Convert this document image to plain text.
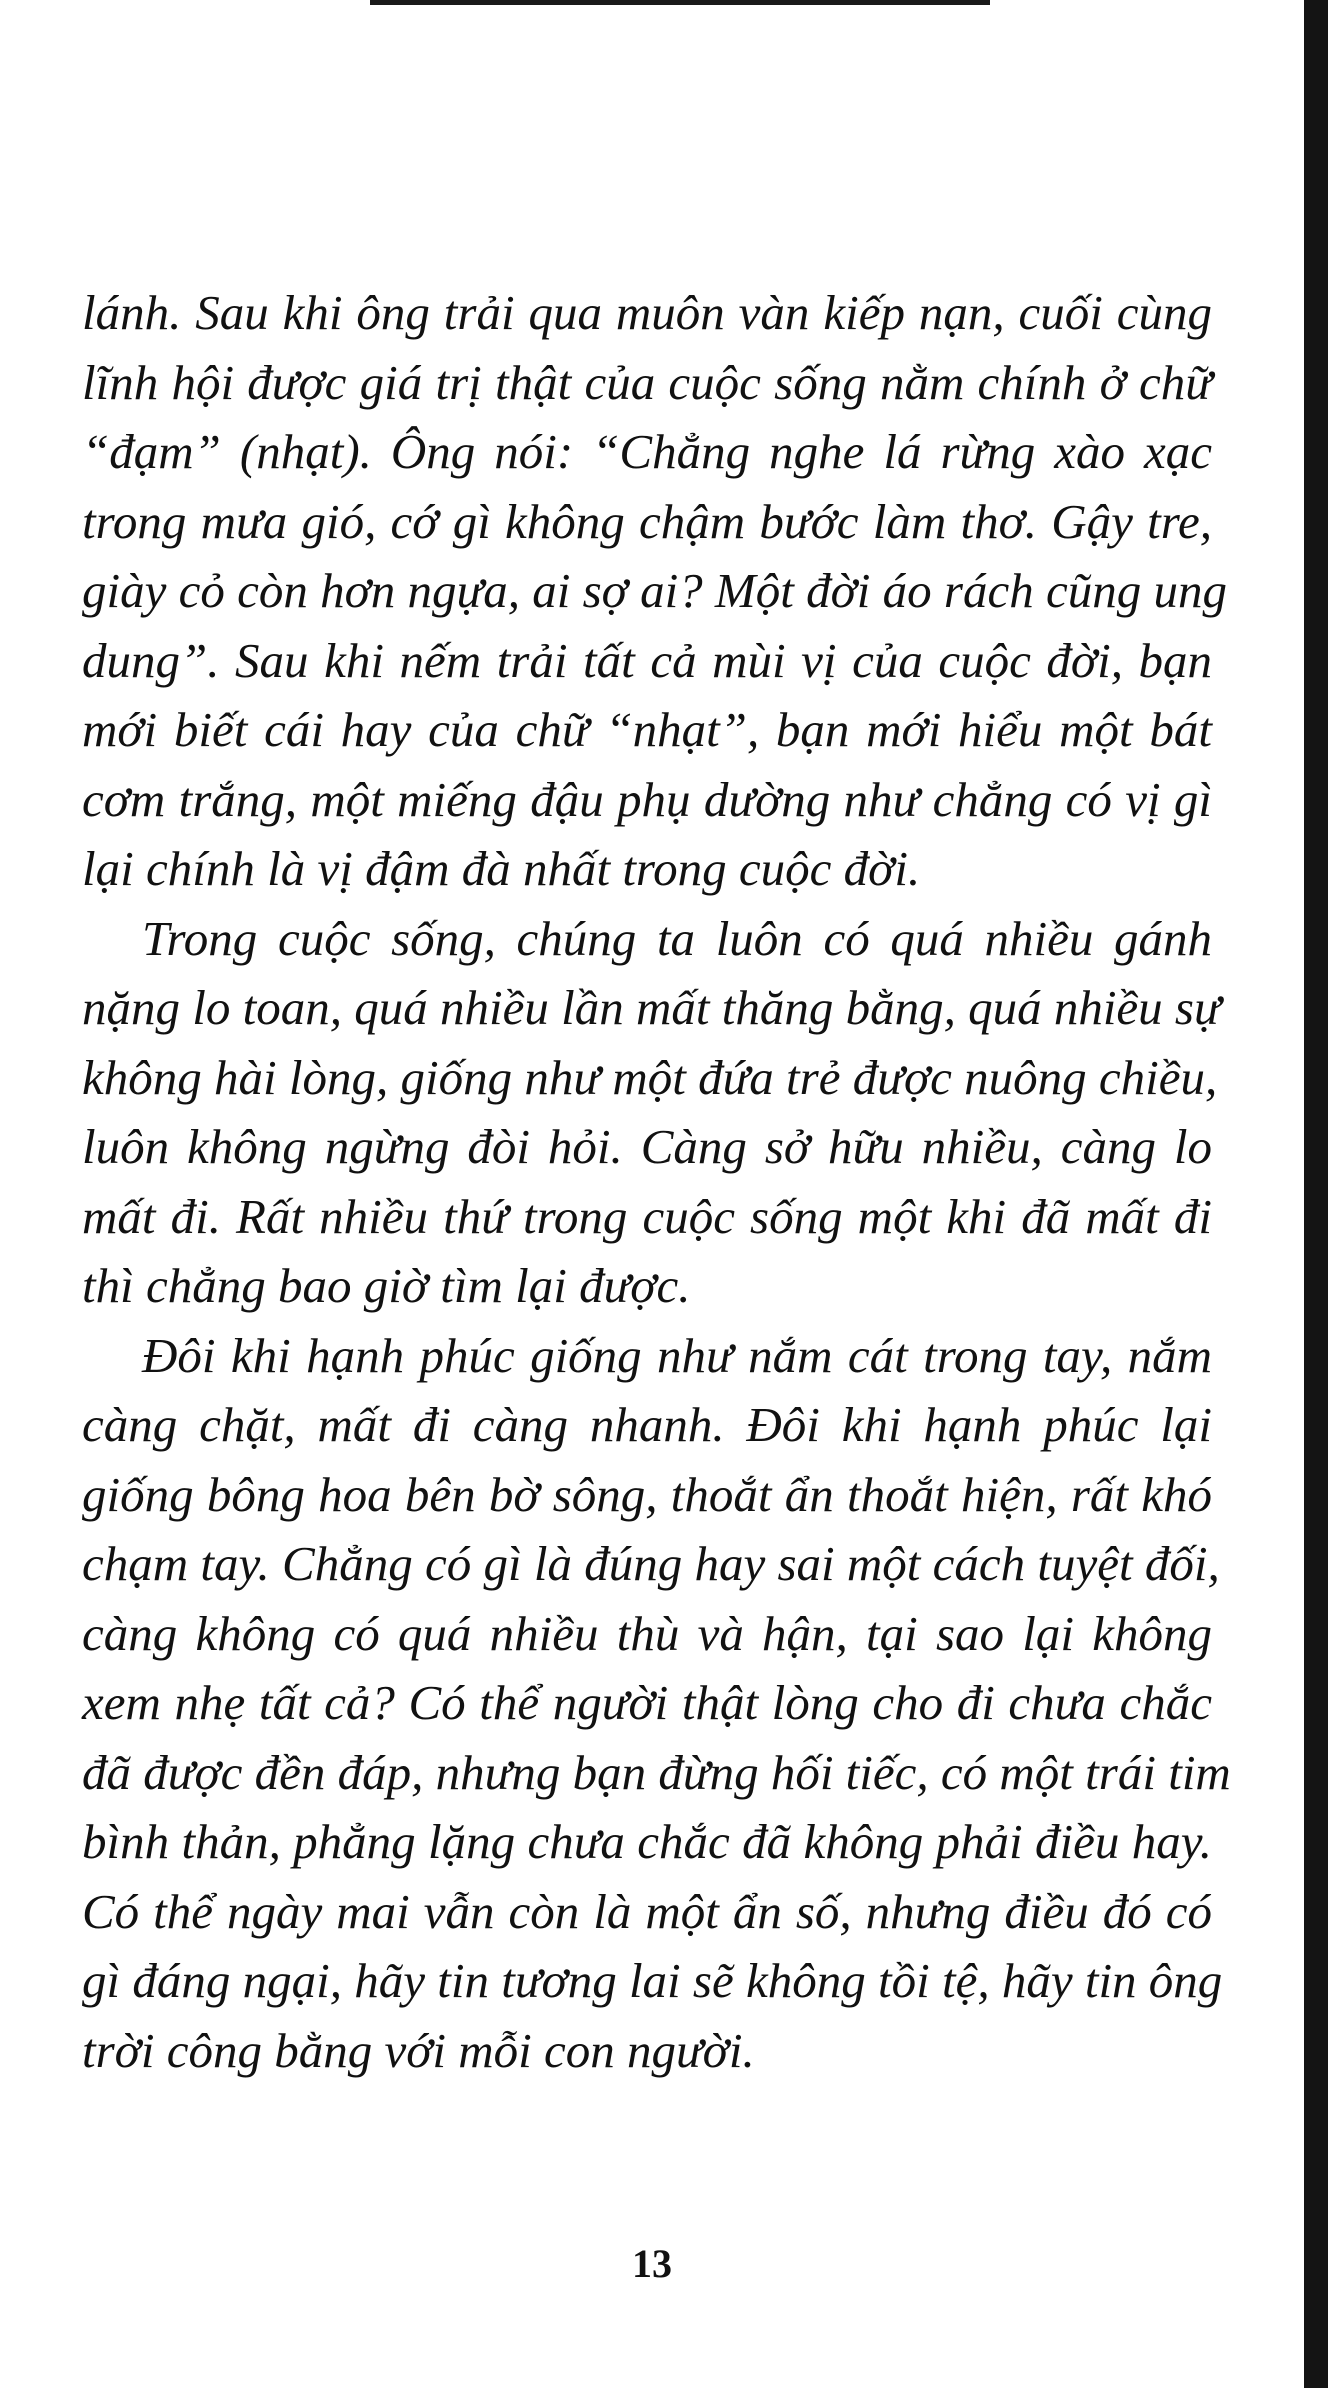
lánh. Sau khi ông trải qua muôn vàn kiếp nạn, cuối cùng
lĩnh hội được giá trị thật của cuộc sống nằm chính ở chữ
“đạm” (nhạt). Ông nói: “Chẳng nghe lá rừng xào xạc
trong mưa gió, cớ gì không chậm bước làm thơ. Gậy tre,
giày cỏ còn hơn ngựa, ai sợ ai? Một đời áo rách cũng ung
dung”. Sau khi nếm trải tất cả mùi vị của cuộc đời, bạn
mới biết cái hay của chữ “nhạt”, bạn mới hiểu một bát
cơm trắng, một miếng đậu phụ dường như chẳng có vị gì
lại chính là vị đậm đà nhất trong cuộc đời.

Trong cuộc sống, chúng ta luôn có quá nhiều gánh
nặng lo toan, quá nhiều lần mất thăng bằng, quá nhiều sự
không hài lòng, giống như một đứa trẻ được nuông chiều,
luôn không ngừng đòi hỏi. Càng sở hữu nhiều, càng lo
mất đi. Rất nhiều thứ trong cuộc sống một khi đã mất đi
thì chẳng bao giờ tìm lại được.

Đôi khi hạnh phúc giống như nắm cát trong tay, nắm
càng chặt, mất đi càng nhanh. Đôi khi hạnh phúc lại
giống bông hoa bên bờ sông, thoắt ẩn thoắt hiện, rất khó
chạm tay. Chẳng có gì là đúng hay sai một cách tuyệt đối,
càng không có quá nhiều thù và hận, tại sao lại không
xem nhẹ tất cả? Có thể người thật lòng cho đi chưa chắc
đã được đền đáp, nhưng bạn đừng hối tiếc, có một trái tim
bình thản, phẳng lặng chưa chắc đã không phải điều hay.
Có thể ngày mai vẫn còn là một ẩn số, nhưng điều đó có
gì đáng ngại, hãy tin tương lai sẽ không tồi tệ, hãy tin ông
trời công bằng với mỗi con người.

13
